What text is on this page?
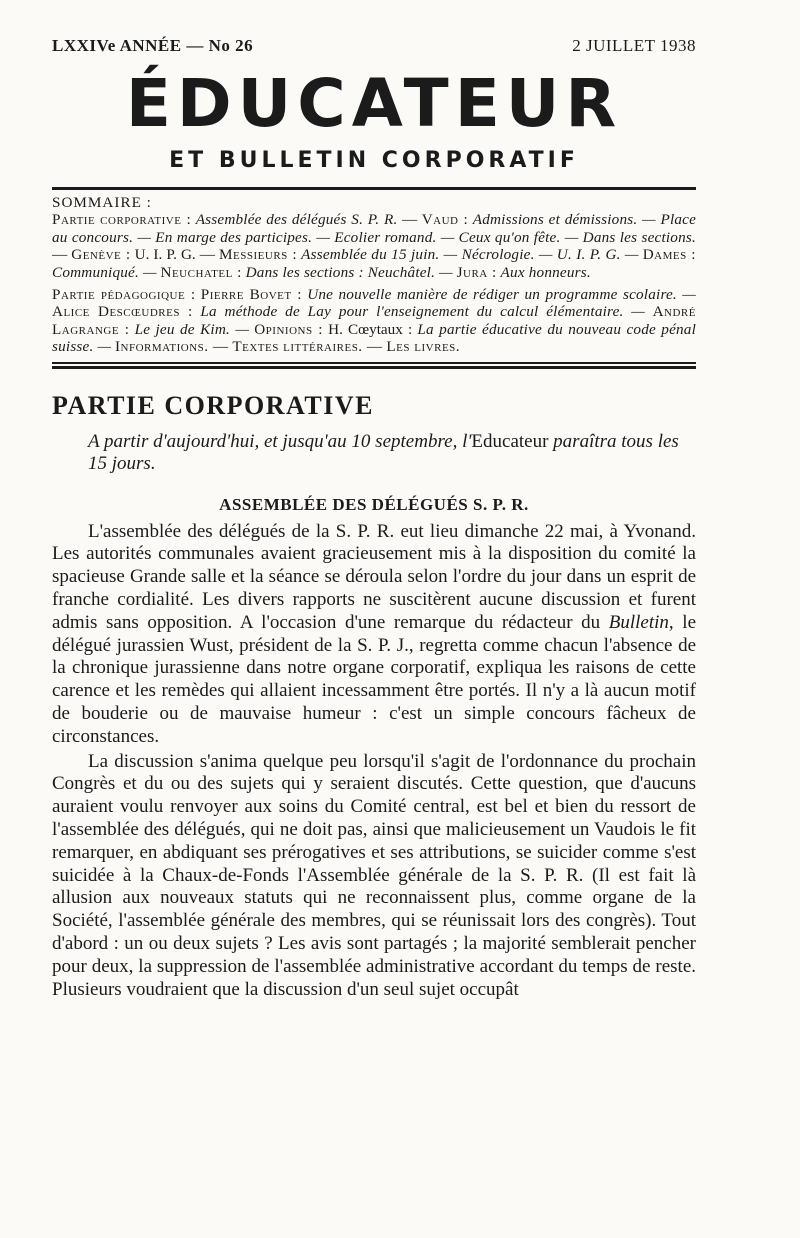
LXXIVe ANNÉE — No 26	2 JUILLET 1938
ÉDUCATEUR
ET BULLETIN CORPORATIF
SOMMAIRE :

Partie corporative : Assemblée des délégués S. P. R. — Vaud : Admissions et démissions. — Place au concours. — En marge des participes. — Ecolier romand. — Ceux qu'on fête. — Dans les sections. — Genève : U. I. P. G. — Messieurs : Assemblée du 15 juin. — Nécrologie. — U. I. P. G. — Dames : Communiqué. — Neuchatel : Dans les sections : Neuchâtel. — Jura : Aux honneurs.

Partie pédagogique : Pierre Bovet : Une nouvelle manière de rédiger un programme scolaire. — Alice Descœudres : La méthode de Lay pour l'enseignement du calcul élémentaire. — André Lagrange : Le jeu de Kim. — Opinions : H. Cœytaux : La partie éducative du nouveau code pénal suisse. — Informations. — Textes littéraires. — Les livres.

PARTIE CORPORATIVE
A partir d'aujourd'hui, et jusqu'au 10 septembre, l'Educateur paraîtra tous les 15 jours.
ASSEMBLÉE DES DÉLÉGUÉS S. P. R.

L'assemblée des délégués de la S. P. R. eut lieu dimanche 22 mai, à Yvonand. Les autorités communales avaient gracieusement mis à la disposition du comité la spacieuse Grande salle et la séance se déroula selon l'ordre du jour dans un esprit de franche cordialité. Les divers rapports ne suscitèrent aucune discussion et furent admis sans opposition. A l'occasion d'une remarque du rédacteur du Bulletin, le délégué jurassien Wust, président de la S. P. J., regretta comme chacun l'absence de la chronique jurassienne dans notre organe corporatif, expliqua les raisons de cette carence et les remèdes qui allaient incessamment être portés. Il n'y a là aucun motif de bouderie ou de mauvaise humeur : c'est un simple concours fâcheux de circonstances.

La discussion s'anima quelque peu lorsqu'il s'agit de l'ordonnance du prochain Congrès et du ou des sujets qui y seraient discutés. Cette question, que d'aucuns auraient voulu renvoyer aux soins du Comité central, est bel et bien du ressort de l'assemblée des délégués, qui ne doit pas, ainsi que malicieusement un Vaudois le fit remarquer, en abdiquant ses prérogatives et ses attributions, se suicider comme s'est suicidée à la Chaux-de-Fonds l'Assemblée générale de la S. P. R. (Il est fait là allusion aux nouveaux statuts qui ne reconnaissent plus, comme organe de la Société, l'assemblée générale des membres, qui se réunissait lors des congrès). Tout d'abord : un ou deux sujets ? Les avis sont partagés ; la majorité semblerait pencher pour deux, la suppression de l'assemblée administrative accordant du temps de reste. Plusieurs voudraient que la discussion d'un seul sujet occupât
